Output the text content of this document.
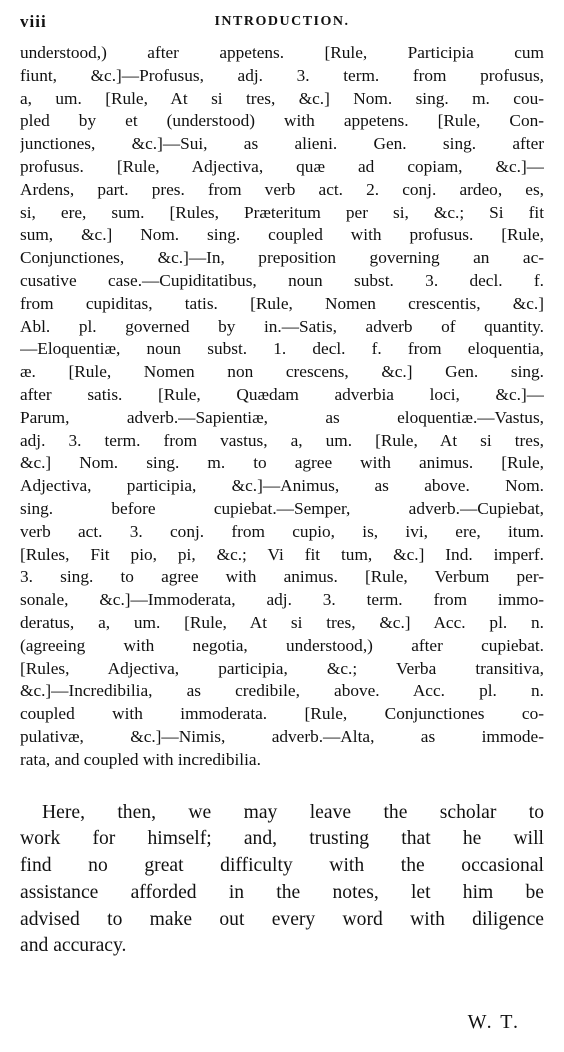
viii	INTRODUCTION.
understood,) after appetens. [Rule, Participia cum
fiunt, &c.]—Profusus, adj. 3. term. from profusus,
a, um. [Rule, At si tres, &c.] Nom. sing. m. cou-
pled by et (understood) with appetens. [Rule, Con-
junctiones, &c.]—Sui, as alieni. Gen. sing. after
profusus. [Rule, Adjectiva, quæ ad copiam, &c.]—
Ardens, part. pres. from verb act. 2. conj. ardeo, es,
si, ere, sum. [Rules, Præteritum per si, &c.; Si fit
sum, &c.] Nom. sing. coupled with profusus. [Rule,
Conjunctiones, &c.]—In, preposition governing an ac-
cusative case.—Cupiditatibus, noun subst. 3. decl. f.
from cupiditas, tatis. [Rule, Nomen crescentis, &c.]
Abl. pl. governed by in.—Satis, adverb of quantity.
—Eloquentiæ, noun subst. 1. decl. f. from eloquentia,
æ. [Rule, Nomen non crescens, &c.] Gen. sing.
after satis. [Rule, Quædam adverbia loci, &c.]—
Parum, adverb.—Sapientiæ, as eloquentiæ.—Vastus,
adj. 3. term. from vastus, a, um. [Rule, At si tres,
&c.] Nom. sing. m. to agree with animus. [Rule,
Adjectiva, participia, &c.]—Animus, as above. Nom.
sing. before cupiebat.—Semper, adverb.—Cupiebat,
verb act. 3. conj. from cupio, is, ivi, ere, itum.
[Rules, Fit pio, pi, &c.; Vi fit tum, &c.] Ind. imperf.
3. sing. to agree with animus. [Rule, Verbum per-
sonale, &c.]—Immoderata, adj. 3. term. from immo-
deratus, a, um. [Rule, At si tres, &c.] Acc. pl. n.
(agreeing with negotia, understood,) after cupiebat.
[Rules, Adjectiva, participia, &c.; Verba transitiva,
&c.]—Incredibilia, as credibile, above. Acc. pl. n.
coupled with immoderata. [Rule, Conjunctiones co-
pulativæ, &c.]—Nimis, adverb.—Alta, as immode-
rata, and coupled with incredibilia.
Here, then, we may leave the scholar to
work for himself; and, trusting that he will
find no great difficulty with the occasional
assistance afforded in the notes, let him be
advised to make out every word with diligence
and accuracy.
W. T.
